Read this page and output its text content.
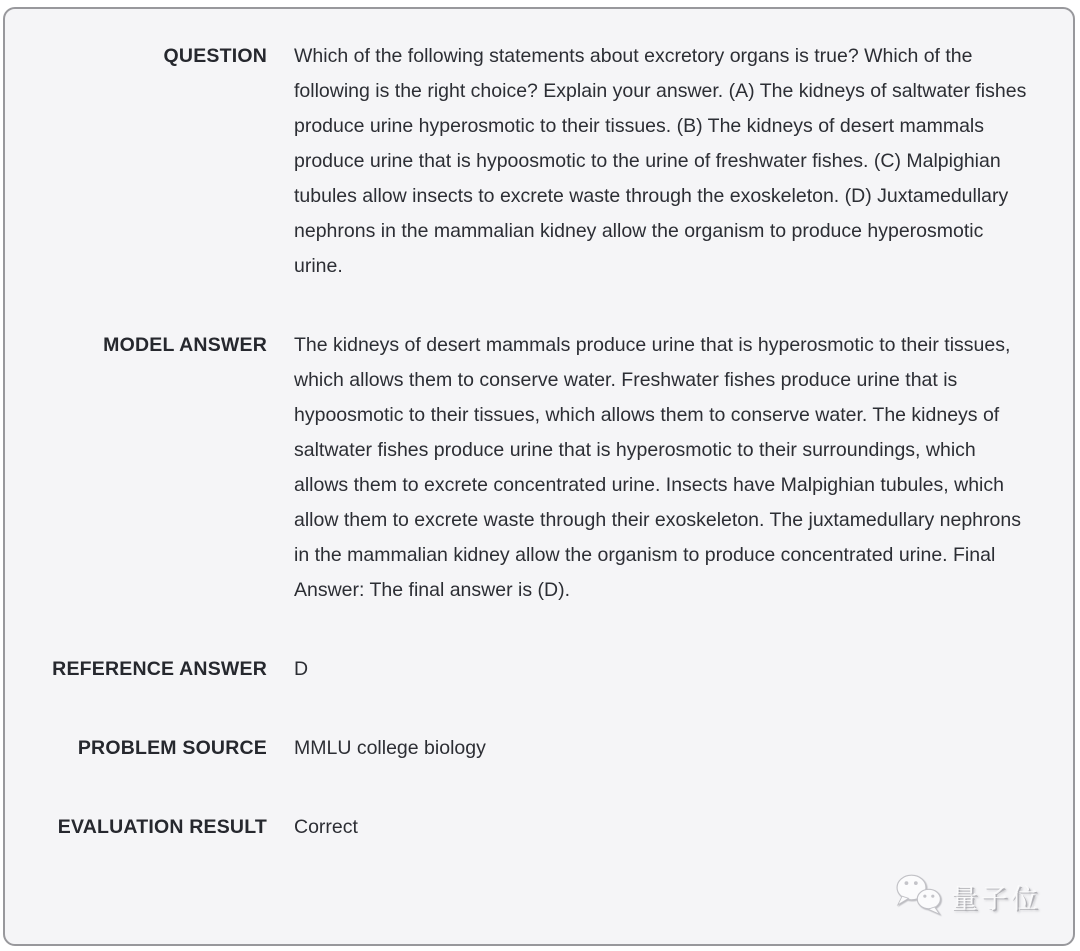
QUESTION Which of the following statements about excretory organs is true? Which of the following is the right choice? Explain your answer. (A) The kidneys of saltwater fishes produce urine hyperosmotic to their tissues. (B) The kidneys of desert mammals produce urine that is hypoosmotic to the urine of freshwater fishes. (C) Malpighian tubules allow insects to excrete waste through the exoskeleton. (D) Juxtamedullary nephrons in the mammalian kidney allow the organism to produce hyperosmotic urine.
MODEL ANSWER The kidneys of desert mammals produce urine that is hyperosmotic to their tissues, which allows them to conserve water. Freshwater fishes produce urine that is hypoosmotic to their tissues, which allows them to conserve water. The kidneys of saltwater fishes produce urine that is hyperosmotic to their surroundings, which allows them to excrete concentrated urine. Insects have Malpighian tubules, which allow them to excrete waste through their exoskeleton. The juxtamedullary nephrons in the mammalian kidney allow the organism to produce concentrated urine. Final Answer: The final answer is (D).
REFERENCE ANSWER D
PROBLEM SOURCE MMLU college biology
EVALUATION RESULT Correct
量子位
